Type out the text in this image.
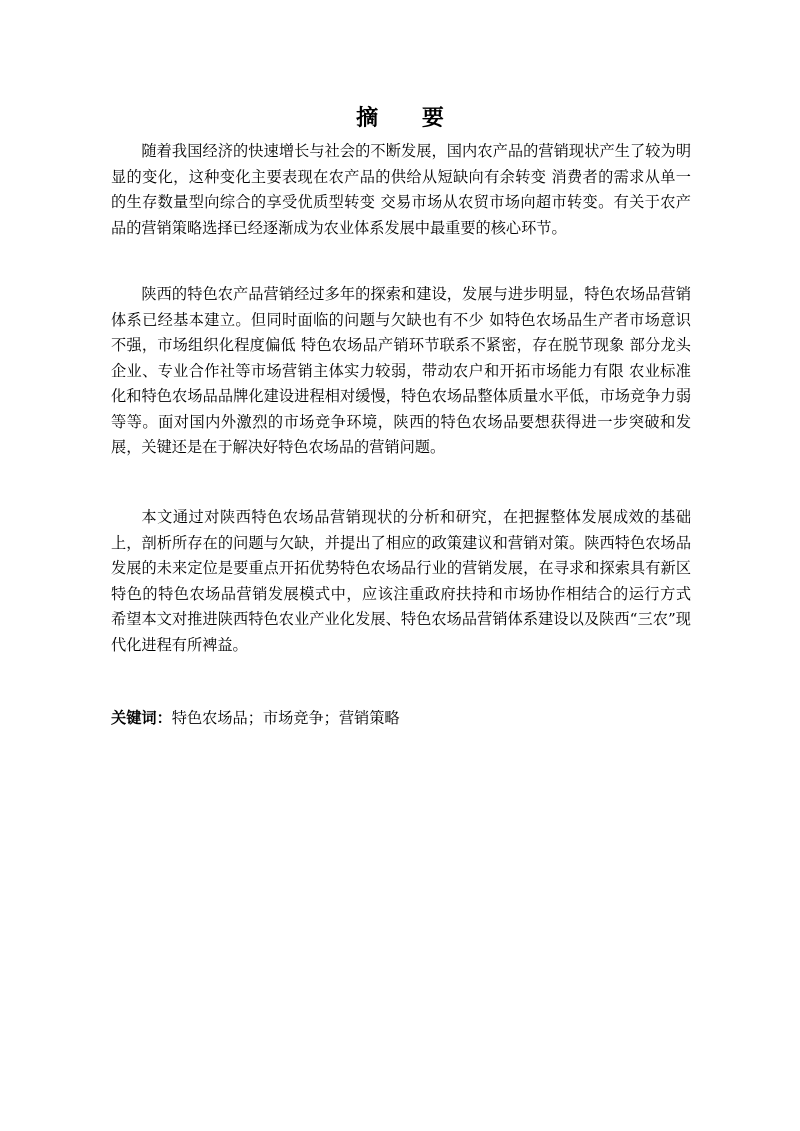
摘 要

随着我国经济的快速增长与社会的不断发展，国内农产品的营销现状产生了较为明显的变化，这种变化主要表现在农产品的供给从短缺向有余转变 消费者的需求从单一的生存数量型向综合的享受优质型转变 交易市场从农贸市场向超市转变。有关于农产品的营销策略选择已经逐渐成为农业体系发展中最重要的核心环节。

陕西的特色农产品营销经过多年的探索和建设，发展与进步明显，特色农场品营销体系已经基本建立。但同时面临的问题与欠缺也有不少 如特色农场品生产者市场意识不强，市场组织化程度偏低 特色农场品产销环节联系不紧密，存在脱节现象 部分龙头企业、专业合作社等市场营销主体实力较弱，带动农户和开拓市场能力有限 农业标准化和特色农场品品牌化建设进程相对缓慢，特色农场品整体质量水平低，市场竞争力弱等等。面对国内外激烈的市场竞争环境，陕西的特色农场品要想获得进一步突破和发展，关键还是在于解决好特色农场品的营销问题。

本文通过对陕西特色农场品营销现状的分析和研究，在把握整体发展成效的基础上，剖析所存在的问题与欠缺，并提出了相应的政策建议和营销对策。陕西特色农场品发展的未来定位是要重点开拓优势特色农场品行业的营销发展，在寻求和探索具有新区特色的特色农场品营销发展模式中，应该注重政府扶持和市场协作相结合的运行方式 希望本文对推进陕西特色农业产业化发展、特色农场品营销体系建设以及陕西“三农”现代化进程有所裨益。

关键词：特色农场品；市场竞争；营销策略
